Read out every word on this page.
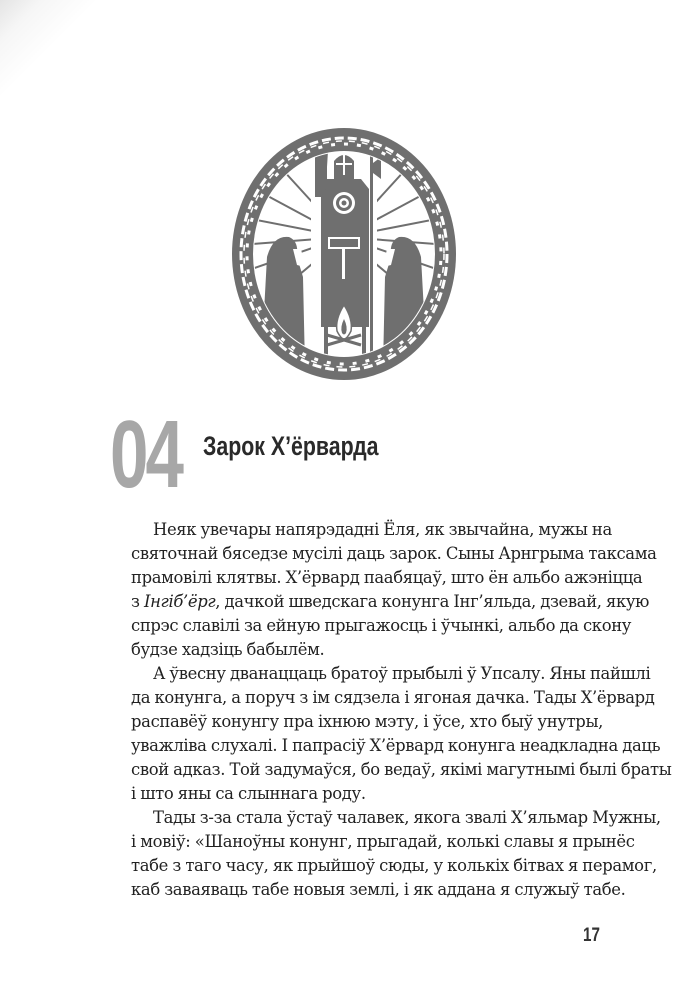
04 Зарок Х’ёрварда

Неяк увечары напярэдадні Ёля, як звычайна, мужы на
святочнай бяседзе мусілі даць зарок. Сыны Арнгрыма таксама
прамовілі клятвы. Х’ёрвард паабяцаў, што ён альбо ажэніцца
з Інгіб’ёрг, дачкой шведскага конунга Інг’яльда, дзевай, якую
спрэс славілі за ейную прыгажосць і ўчынкі, альбо да скону
будзе хадзіць бабылём.

А ўвесну дванаццаць братоў прыбылі ў Упсалу. Яны пайшлі
да конунга, а поруч з ім сядзела і ягоная дачка. Тады Х’ёрвард
распавёў конунгу пра іхнюю мэту, і ўсе, хто быў унутры,
уважліва слухалі. І папрасіў Х’ёрвард конунга неадкладна даць
свой адказ. Той задумаўся, бо ведаў, якімі магутнымі былі браты
і што яны са слыннага роду.

Тады з-за стала ўстаў чалавек, якога звалі Х’яльмар Мужны,
і мовіў: «Шаноўны конунг, прыгадай, колькі славы я прынёс
табе з таго часу, як прыйшоў сюды, у колькіх бітвах я перамог,
каб заваяваць табе новыя землі, і як аддана я служыў табе.

17
